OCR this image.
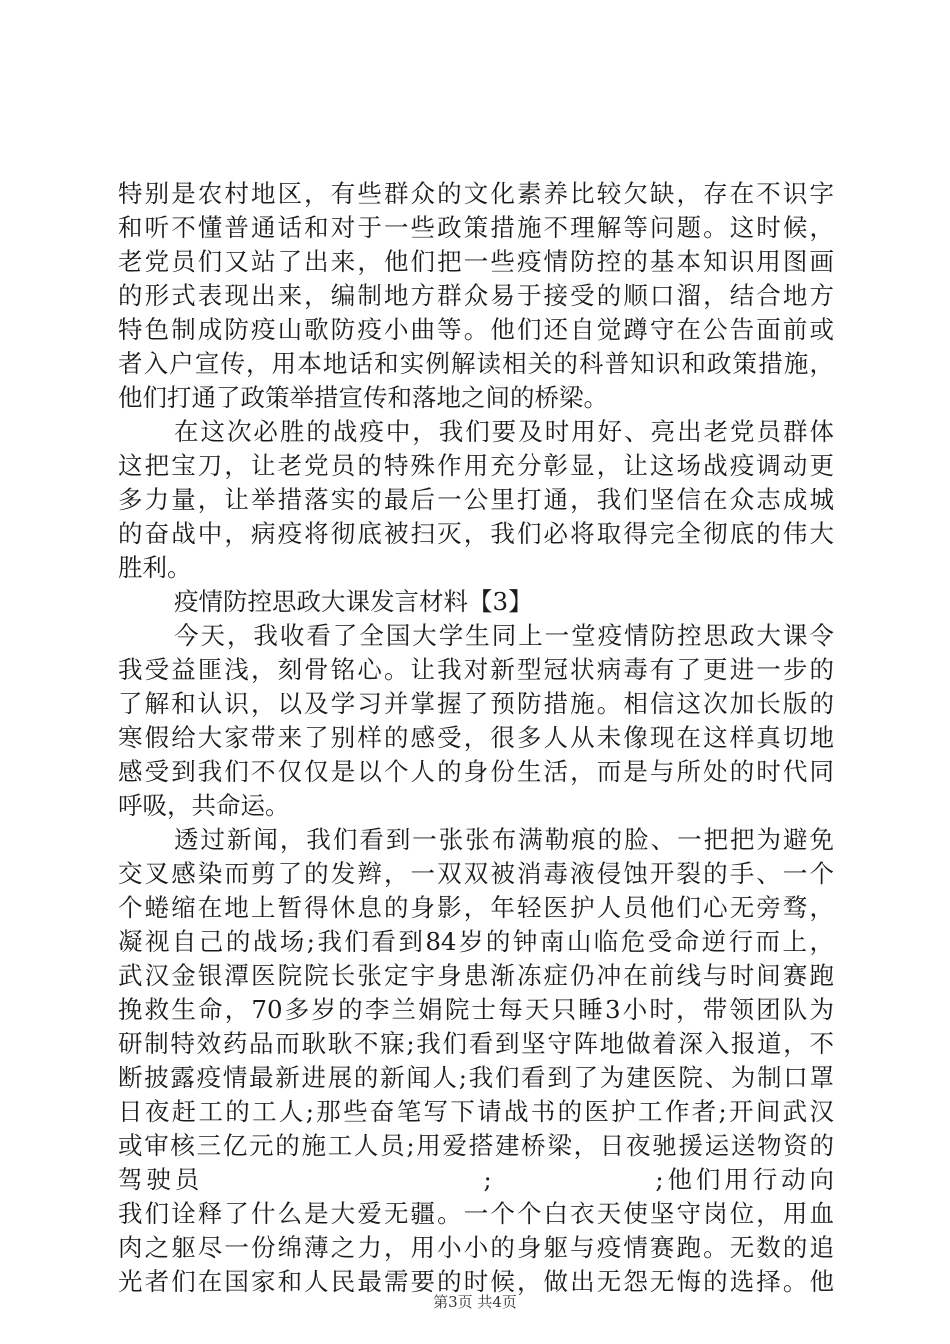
特别是农村地区，有些群众的文化素养比较欠缺，存在不识字
和听不懂普通话和对于一些政策措施不理解等问题。这时候，
老党员们又站了出来，他们把一些疫情防控的基本知识用图画
的形式表现出来，编制地方群众易于接受的顺口溜，结合地方
特色制成防疫山歌防疫小曲等。他们还自觉蹲守在公告面前或
者入户宣传，用本地话和实例解读相关的科普知识和政策措施，
他们打通了政策举措宣传和落地之间的桥梁。
在这次必胜的战疫中，我们要及时用好、亮出老党员群体
这把宝刀，让老党员的特殊作用充分彰显，让这场战疫调动更
多力量，让举措落实的最后一公里打通，我们坚信在众志成城
的奋战中，病疫将彻底被扫灭，我们必将取得完全彻底的伟大
胜利。
疫情防控思政大课发言材料【3】
今天，我收看了全国大学生同上一堂疫情防控思政大课令
我受益匪浅，刻骨铭心。让我对新型冠状病毒有了更进一步的
了解和认识，以及学习并掌握了预防措施。相信这次加长版的
寒假给大家带来了别样的感受，很多人从未像现在这样真切地
感受到我们不仅仅是以个人的身份生活，而是与所处的时代同
呼吸，共命运。
透过新闻，我们看到一张张布满勒痕的脸、一把把为避免
交叉感染而剪了的发辫，一双双被消毒液侵蚀开裂的手、一个
个蜷缩在地上暂得休息的身影，年轻医护人员他们心无旁骛，
凝视自己的战场;我们看到84岁的钟南山临危受命逆行而上，
武汉金银潭医院院长张定宇身患渐冻症仍冲在前线与时间赛跑
挽救生命，70多岁的李兰娟院士每天只睡3小时，带领团队为
研制特效药品而耿耿不寐;我们看到坚守阵地做着深入报道，不
断披露疫情最新进展的新闻人;我们看到了为建医院、为制口罩
日夜赶工的工人;那些奋笔写下请战书的医护工作者;开间武汉
或审核三亿元的施工人员;用爱搭建桥梁，日夜驰援运送物资的
驾驶员                        ;              ;他们用行动向
我们诠释了什么是大爱无疆。一个个白衣天使坚守岗位，用血
肉之躯尽一份绵薄之力，用小小的身躯与疫情赛跑。无数的追
光者们在国家和人民最需要的时候，做出无怨无悔的选择。他
第3页 共4页
